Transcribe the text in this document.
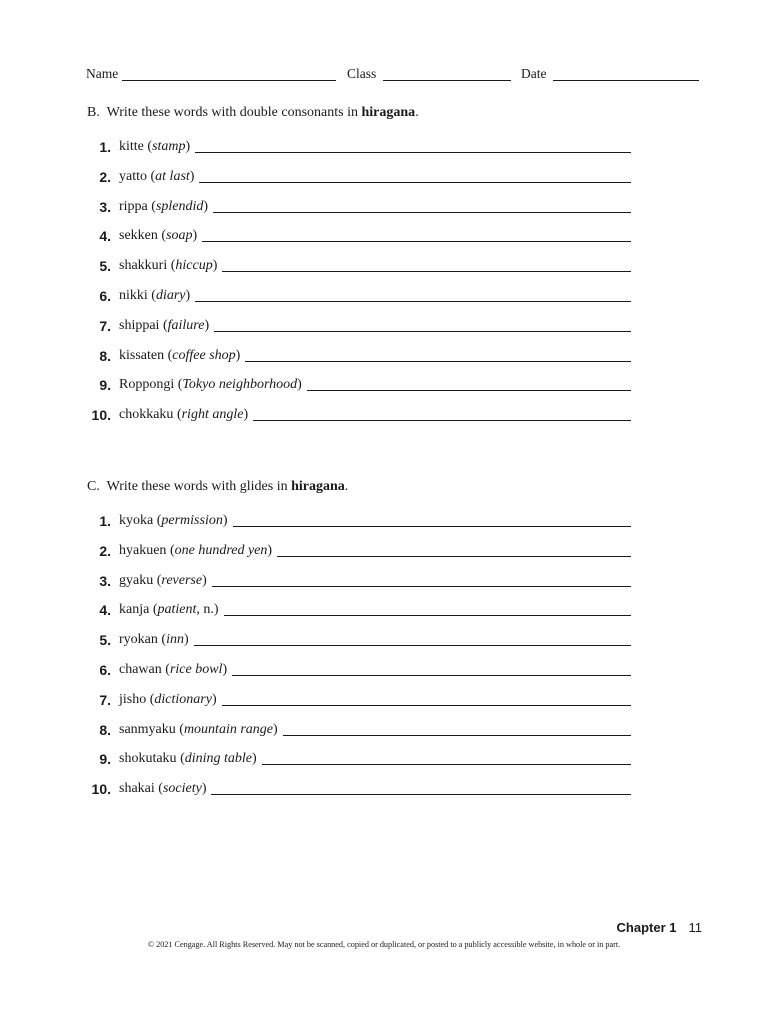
Name	Class	Date
B. Write these words with double consonants in hiragana.
1. kitte (stamp)
2. yatto (at last)
3. rippa (splendid)
4. sekken (soap)
5. shakkuri (hiccup)
6. nikki (diary)
7. shippai (failure)
8. kissaten (coffee shop)
9. Roppongi (Tokyo neighborhood)
10. chokkaku (right angle)
C. Write these words with glides in hiragana.
1. kyoka (permission)
2. hyakuen (one hundred yen)
3. gyaku (reverse)
4. kanja (patient, n.)
5. ryokan (inn)
6. chawan (rice bowl)
7. jisho (dictionary)
8. sanmyaku (mountain range)
9. shokutaku (dining table)
10. shakai (society)
Chapter 1 11
© 2021 Cengage. All Rights Reserved. May not be scanned, copied or duplicated, or posted to a publicly accessible website, in whole or in part.
